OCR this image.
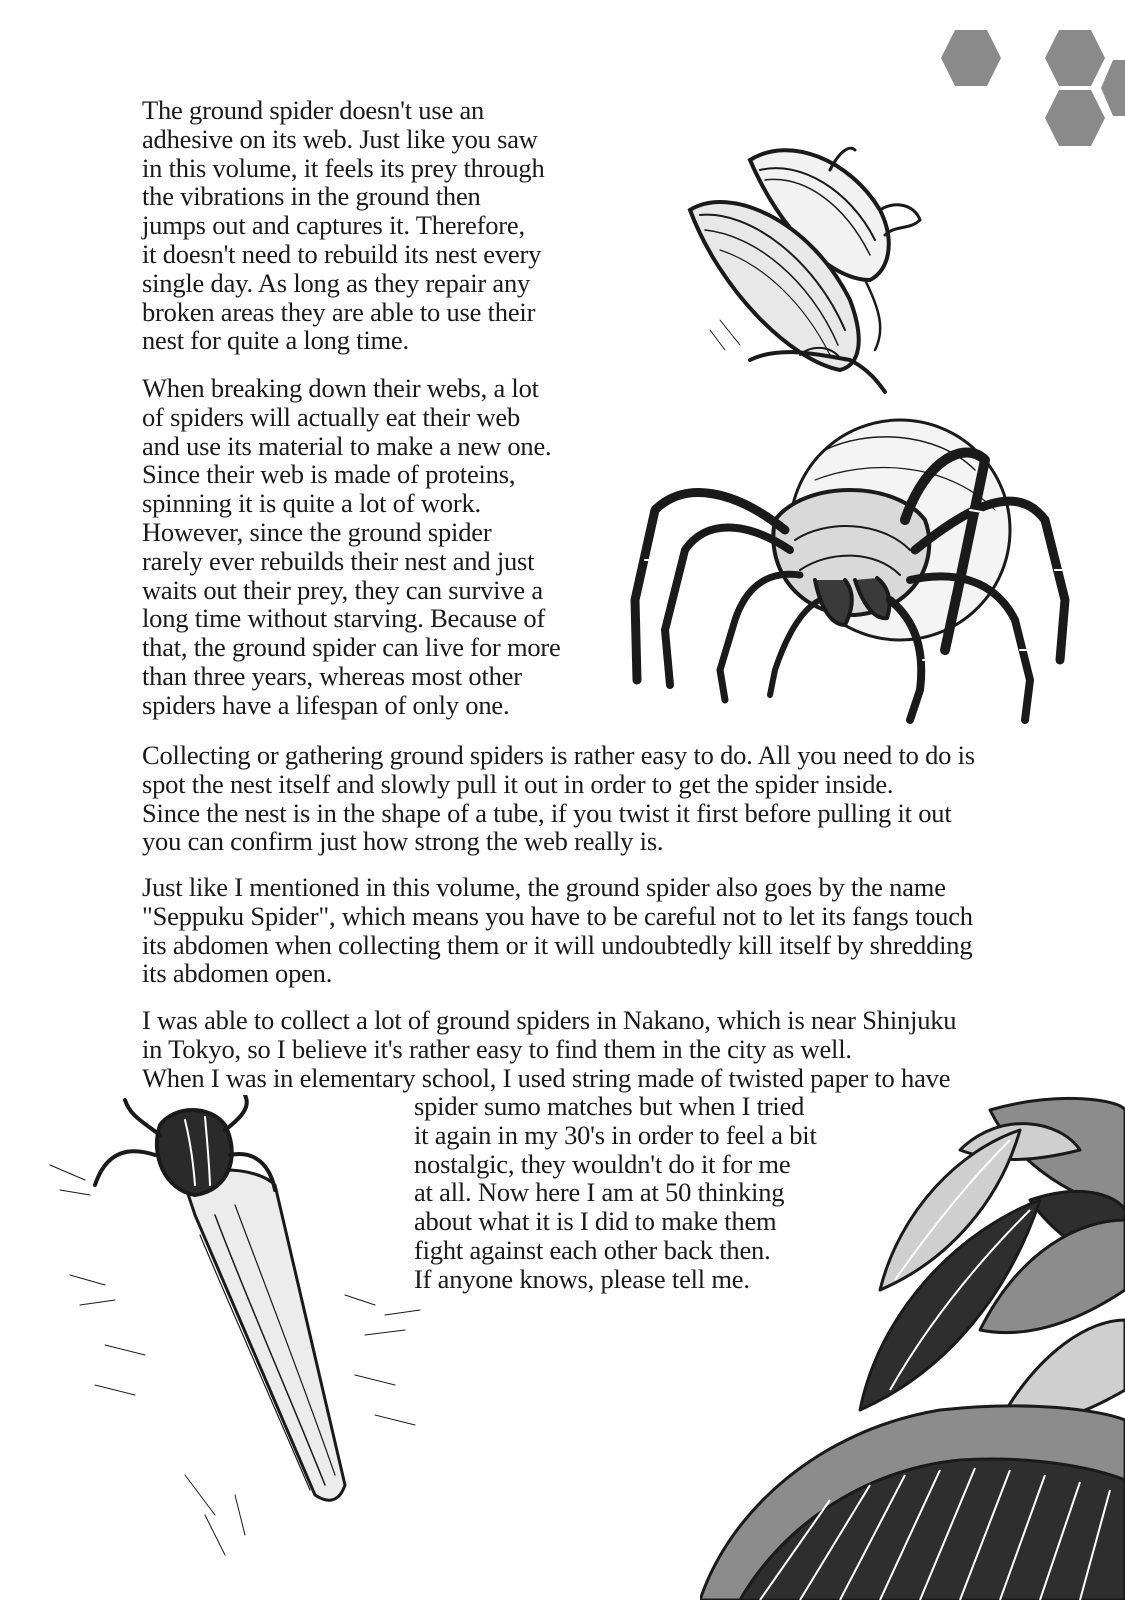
The ground spider doesn't use an
adhesive on its web. Just like you saw
in this volume, it feels its prey through
the vibrations in the ground then
jumps out and captures it. Therefore,
it doesn't need to rebuild its nest every
single day. As long as they repair any
broken areas they are able to use their
nest for quite a long time.

When breaking down their webs, a lot
of spiders will actually eat their web
and use its material to make a new one.
Since their web is made of proteins,
spinning it is quite a lot of work.
However, since the ground spider
rarely ever rebuilds their nest and just
waits out their prey, they can survive a
long time without starving. Because of
that, the ground spider can live for more
than three years, whereas most other
spiders have a lifespan of only one.

Collecting or gathering ground spiders is rather easy to do. All you need to do is
spot the nest itself and slowly pull it out in order to get the spider inside.
Since the nest is in the shape of a tube, if you twist it first before pulling it out
you can confirm just how strong the web really is.

Just like I mentioned in this volume, the ground spider also goes by the name
"Seppuku Spider", which means you have to be careful not to let its fangs touch
its abdomen when collecting them or it will undoubtedly kill itself by shredding
its abdomen open.

I was able to collect a lot of ground spiders in Nakano, which is near Shinjuku
in Tokyo, so I believe it's rather easy to find them in the city as well.
When I was in elementary school, I used string made of twisted paper to have

spider sumo matches but when I tried
it again in my 30's in order to feel a bit
nostalgic, they wouldn't do it for me
at all. Now here I am at 50 thinking
about what it is I did to make them
fight against each other back then.
If anyone knows, please tell me.
